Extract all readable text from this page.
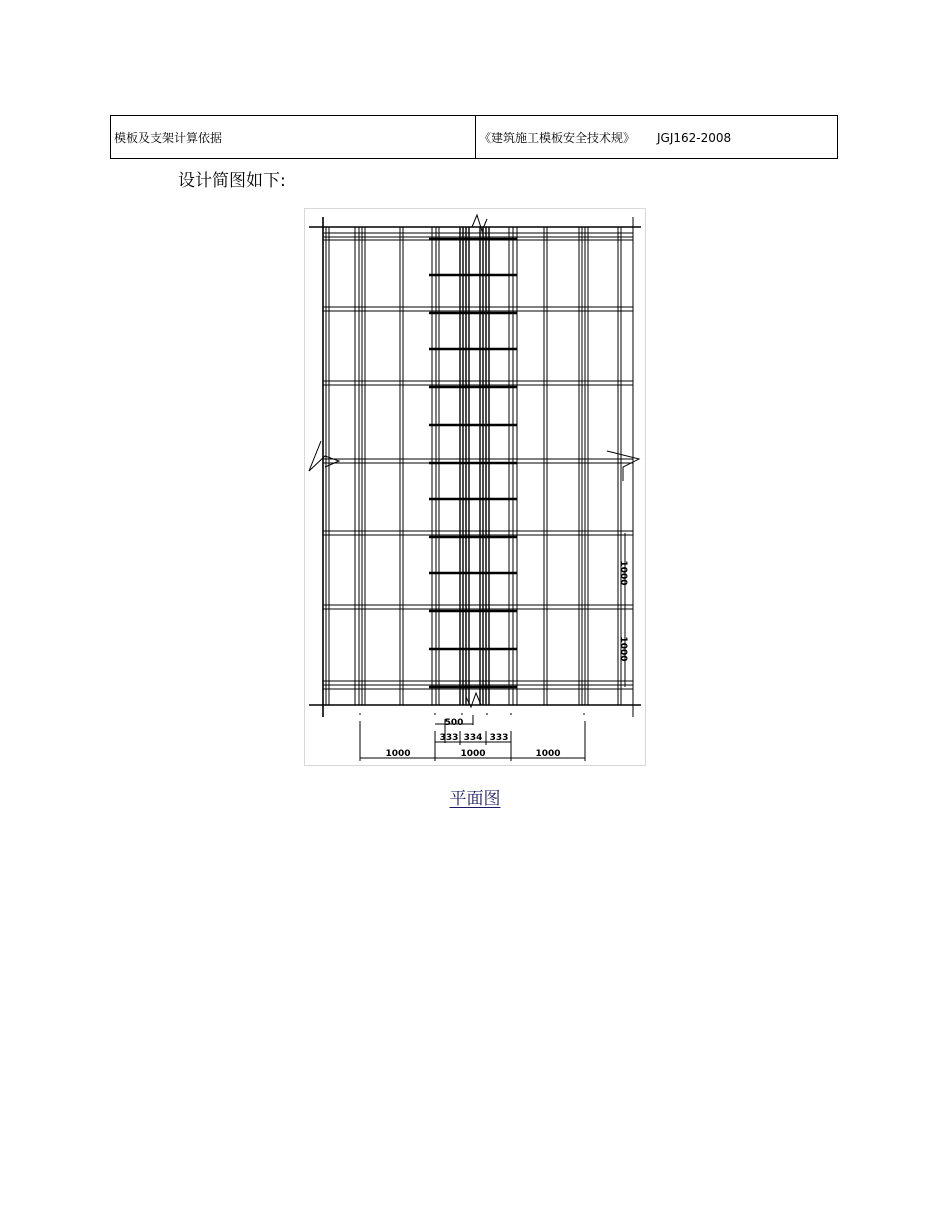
模板及支架计算依据	《建筑施工模板安全技术规》 JGJ162-2008
设计简图如下:
1000
1000
500
333 334 333
1000	1000	1000
平面图
